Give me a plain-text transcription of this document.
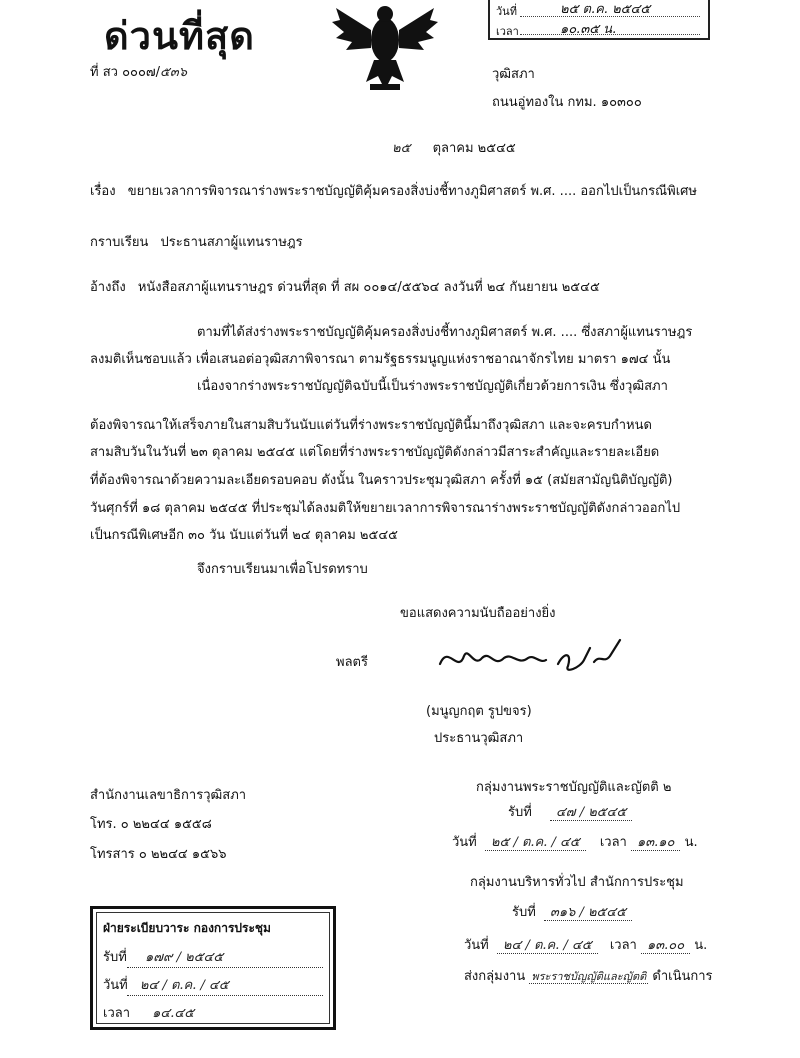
ด่วนที่สุด
ที่ สว ๐๐๐๗/๕๓๖
วันที่	๒๕ ต.ค. ๒๕๔๕
เวลา	๑๐.๓๕ น.
วุฒิสภา
ถนนอู่ทองใน กทม. ๑๐๓๐๐
๒๕ ตุลาคม ๒๕๔๕
เรื่อง ขยายเวลาการพิจารณาร่างพระราชบัญญัติคุ้มครองสิ่งบ่งชี้ทางภูมิศาสตร์ พ.ศ. .... ออกไปเป็นกรณีพิเศษ
กราบเรียน ประธานสภาผู้แทนราษฎร
อ้างถึง หนังสือสภาผู้แทนราษฎร ด่วนที่สุด ที่ สผ ๐๐๑๔/๕๕๖๔ ลงวันที่ ๒๔ กันยายน ๒๕๔๕
ตามที่ได้ส่งร่างพระราชบัญญัติคุ้มครองสิ่งบ่งชี้ทางภูมิศาสตร์ พ.ศ. .... ซึ่งสภาผู้แทนราษฎร
ลงมติเห็นชอบแล้ว เพื่อเสนอต่อวุฒิสภาพิจารณา ตามรัฐธรรมนูญแห่งราชอาณาจักรไทย มาตรา ๑๗๔ นั้น
เนื่องจากร่างพระราชบัญญัติฉบับนี้เป็นร่างพระราชบัญญัติเกี่ยวด้วยการเงิน ซึ่งวุฒิสภา
ต้องพิจารณาให้เสร็จภายในสามสิบวันนับแต่วันที่ร่างพระราชบัญญัตินี้มาถึงวุฒิสภา และจะครบกำหนด
สามสิบวันในวันที่ ๒๓ ตุลาคม ๒๕๔๕ แต่โดยที่ร่างพระราชบัญญัติดังกล่าวมีสาระสำคัญและรายละเอียด
ที่ต้องพิจารณาด้วยความละเอียดรอบคอบ ดังนั้น ในคราวประชุมวุฒิสภา ครั้งที่ ๑๕ (สมัยสามัญนิติบัญญัติ)
วันศุกร์ที่ ๑๘ ตุลาคม ๒๕๔๕ ที่ประชุมได้ลงมติให้ขยายเวลาการพิจารณาร่างพระราชบัญญัติดังกล่าวออกไป
เป็นกรณีพิเศษอีก ๓๐ วัน นับแต่วันที่ ๒๔ ตุลาคม ๒๕๔๕
จึงกราบเรียนมาเพื่อโปรดทราบ
ขอแสดงความนับถืออย่างยิ่ง
พลตรี
(มนูญกฤต รูปขจร)
ประธานวุฒิสภา
สำนักงานเลขาธิการวุฒิสภา
โทร. ๐ ๒๒๔๔ ๑๕๕๘
โทรสาร ๐ ๒๒๔๔ ๑๕๖๖
กลุ่มงานพระราชบัญญัติและญัตติ ๒
รับที่ ๔๗ / ๒๕๔๕
วันที่ ๒๕ / ต.ค. / ๔๕ เวลา ๑๓.๑๐ น.
กลุ่มงานบริหารทั่วไป สำนักการประชุม
รับที่ ๓๑๖ / ๒๕๔๕
วันที่ ๒๔ / ต.ค. / ๔๕ เวลา ๑๓.๐๐ น.
ส่งกลุ่มงาน พระราชบัญญัติและญัตติ ดำเนินการ
ฝ่ายระเบียบวาระ กองการประชุม
รับที่ ๑๗๙ / ๒๕๔๕
วันที่ ๒๔ / ต.ค. / ๔๕
เวลา ๑๔.๔๕
